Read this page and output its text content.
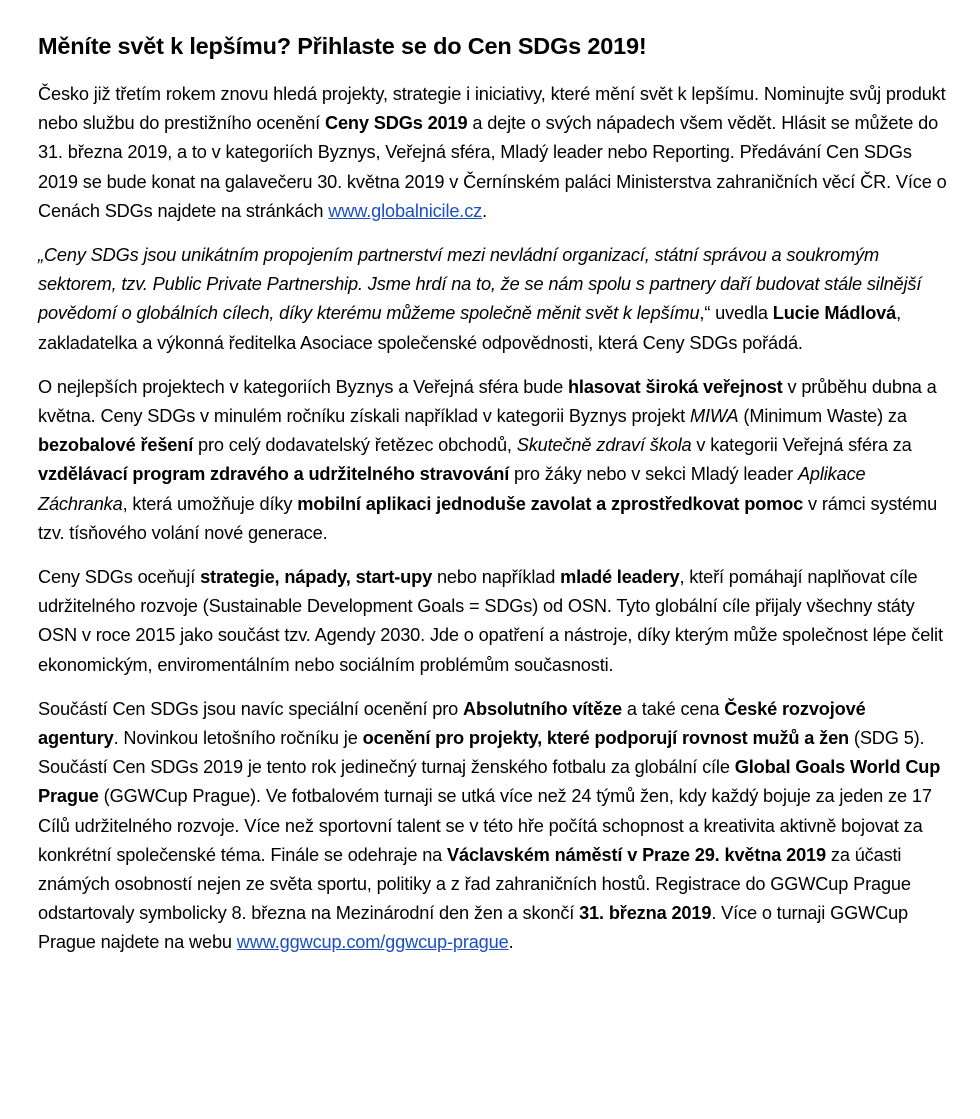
Měníte svět k lepšímu? Přihlaste se do Cen SDGs 2019!

Česko již třetím rokem znovu hledá projekty, strategie i iniciativy, které mění svět k lepšímu. Nominujte svůj produkt nebo službu do prestižního ocenění Ceny SDGs 2019 a dejte o svých nápadech všem vědět. Hlásit se můžete do 31. března 2019, a to v kategoriích Byznys, Veřejná sféra, Mladý leader nebo Reporting. Předávání Cen SDGs 2019 se bude konat na galavečeru 30. května 2019 v Černínském paláci Ministerstva zahraničních věcí ČR. Více o Cenách SDGs najdete na stránkách www.globalnicile.cz.

„Ceny SDGs jsou unikátním propojením partnerství mezi nevládní organizací, státní správou a soukromým sektorem, tzv. Public Private Partnership. Jsme hrdí na to, že se nám spolu s partnery daří budovat stále silnější povědomí o globálních cílech, díky kterému můžeme společně měnit svět k lepšímu,“ uvedla Lucie Mádlová, zakladatelka a výkonná ředitelka Asociace společenské odpovědnosti, která Ceny SDGs pořádá.

O nejlepších projektech v kategoriích Byznys a Veřejná sféra bude hlasovat široká veřejnost v průběhu dubna a května. Ceny SDGs v minulém ročníku získali například v kategorii Byznys projekt MIWA (Minimum Waste) za bezobalové řešení pro celý dodavatelský řetězec obchodů, Skutečně zdraví škola v kategorii Veřejná sféra za vzdělávací program zdravého a udržitelného stravování pro žáky nebo v sekci Mladý leader Aplikace Záchranka, která umožňuje díky mobilní aplikaci jednoduše zavolat a zprostředkovat pomoc v rámci systému tzv. tísňového volání nové generace.

Ceny SDGs oceňují strategie, nápady, start-upy nebo například mladé leadery, kteří pomáhají naplňovat cíle udržitelného rozvoje (Sustainable Development Goals = SDGs) od OSN. Tyto globální cíle přijaly všechny státy OSN v roce 2015 jako součást tzv. Agendy 2030. Jde o opatření a nástroje, díky kterým může společnost lépe čelit ekonomickým, enviromentálním nebo sociálním problémům současnosti.

Součástí Cen SDGs jsou navíc speciální ocenění pro Absolutního vítěze a také cena České rozvojové agentury. Novinkou letošního ročníku je ocenění pro projekty, které podporují rovnost mužů a žen (SDG 5). Součástí Cen SDGs 2019 je tento rok jedinečný turnaj ženského fotbalu za globální cíle Global Goals World Cup Prague (GGWCup Prague). Ve fotbalovém turnaji se utká více než 24 týmů žen, kdy každý bojuje za jeden ze 17 Cílů udržitelného rozvoje. Více než sportovní talent se v této hře počítá schopnost a kreativita aktivně bojovat za konkrétní společenské téma. Finále se odehraje na Václavském náměstí v Praze 29. května 2019 za účasti známých osobností nejen ze světa sportu, politiky a z řad zahraničních hostů. Registrace do GGWCup Prague odstartovaly symbolicky 8. března na Mezinárodní den žen a skončí 31. března 2019. Více o turnaji GGWCup Prague najdete na webu www.ggwcup.com/ggwcup-prague.
